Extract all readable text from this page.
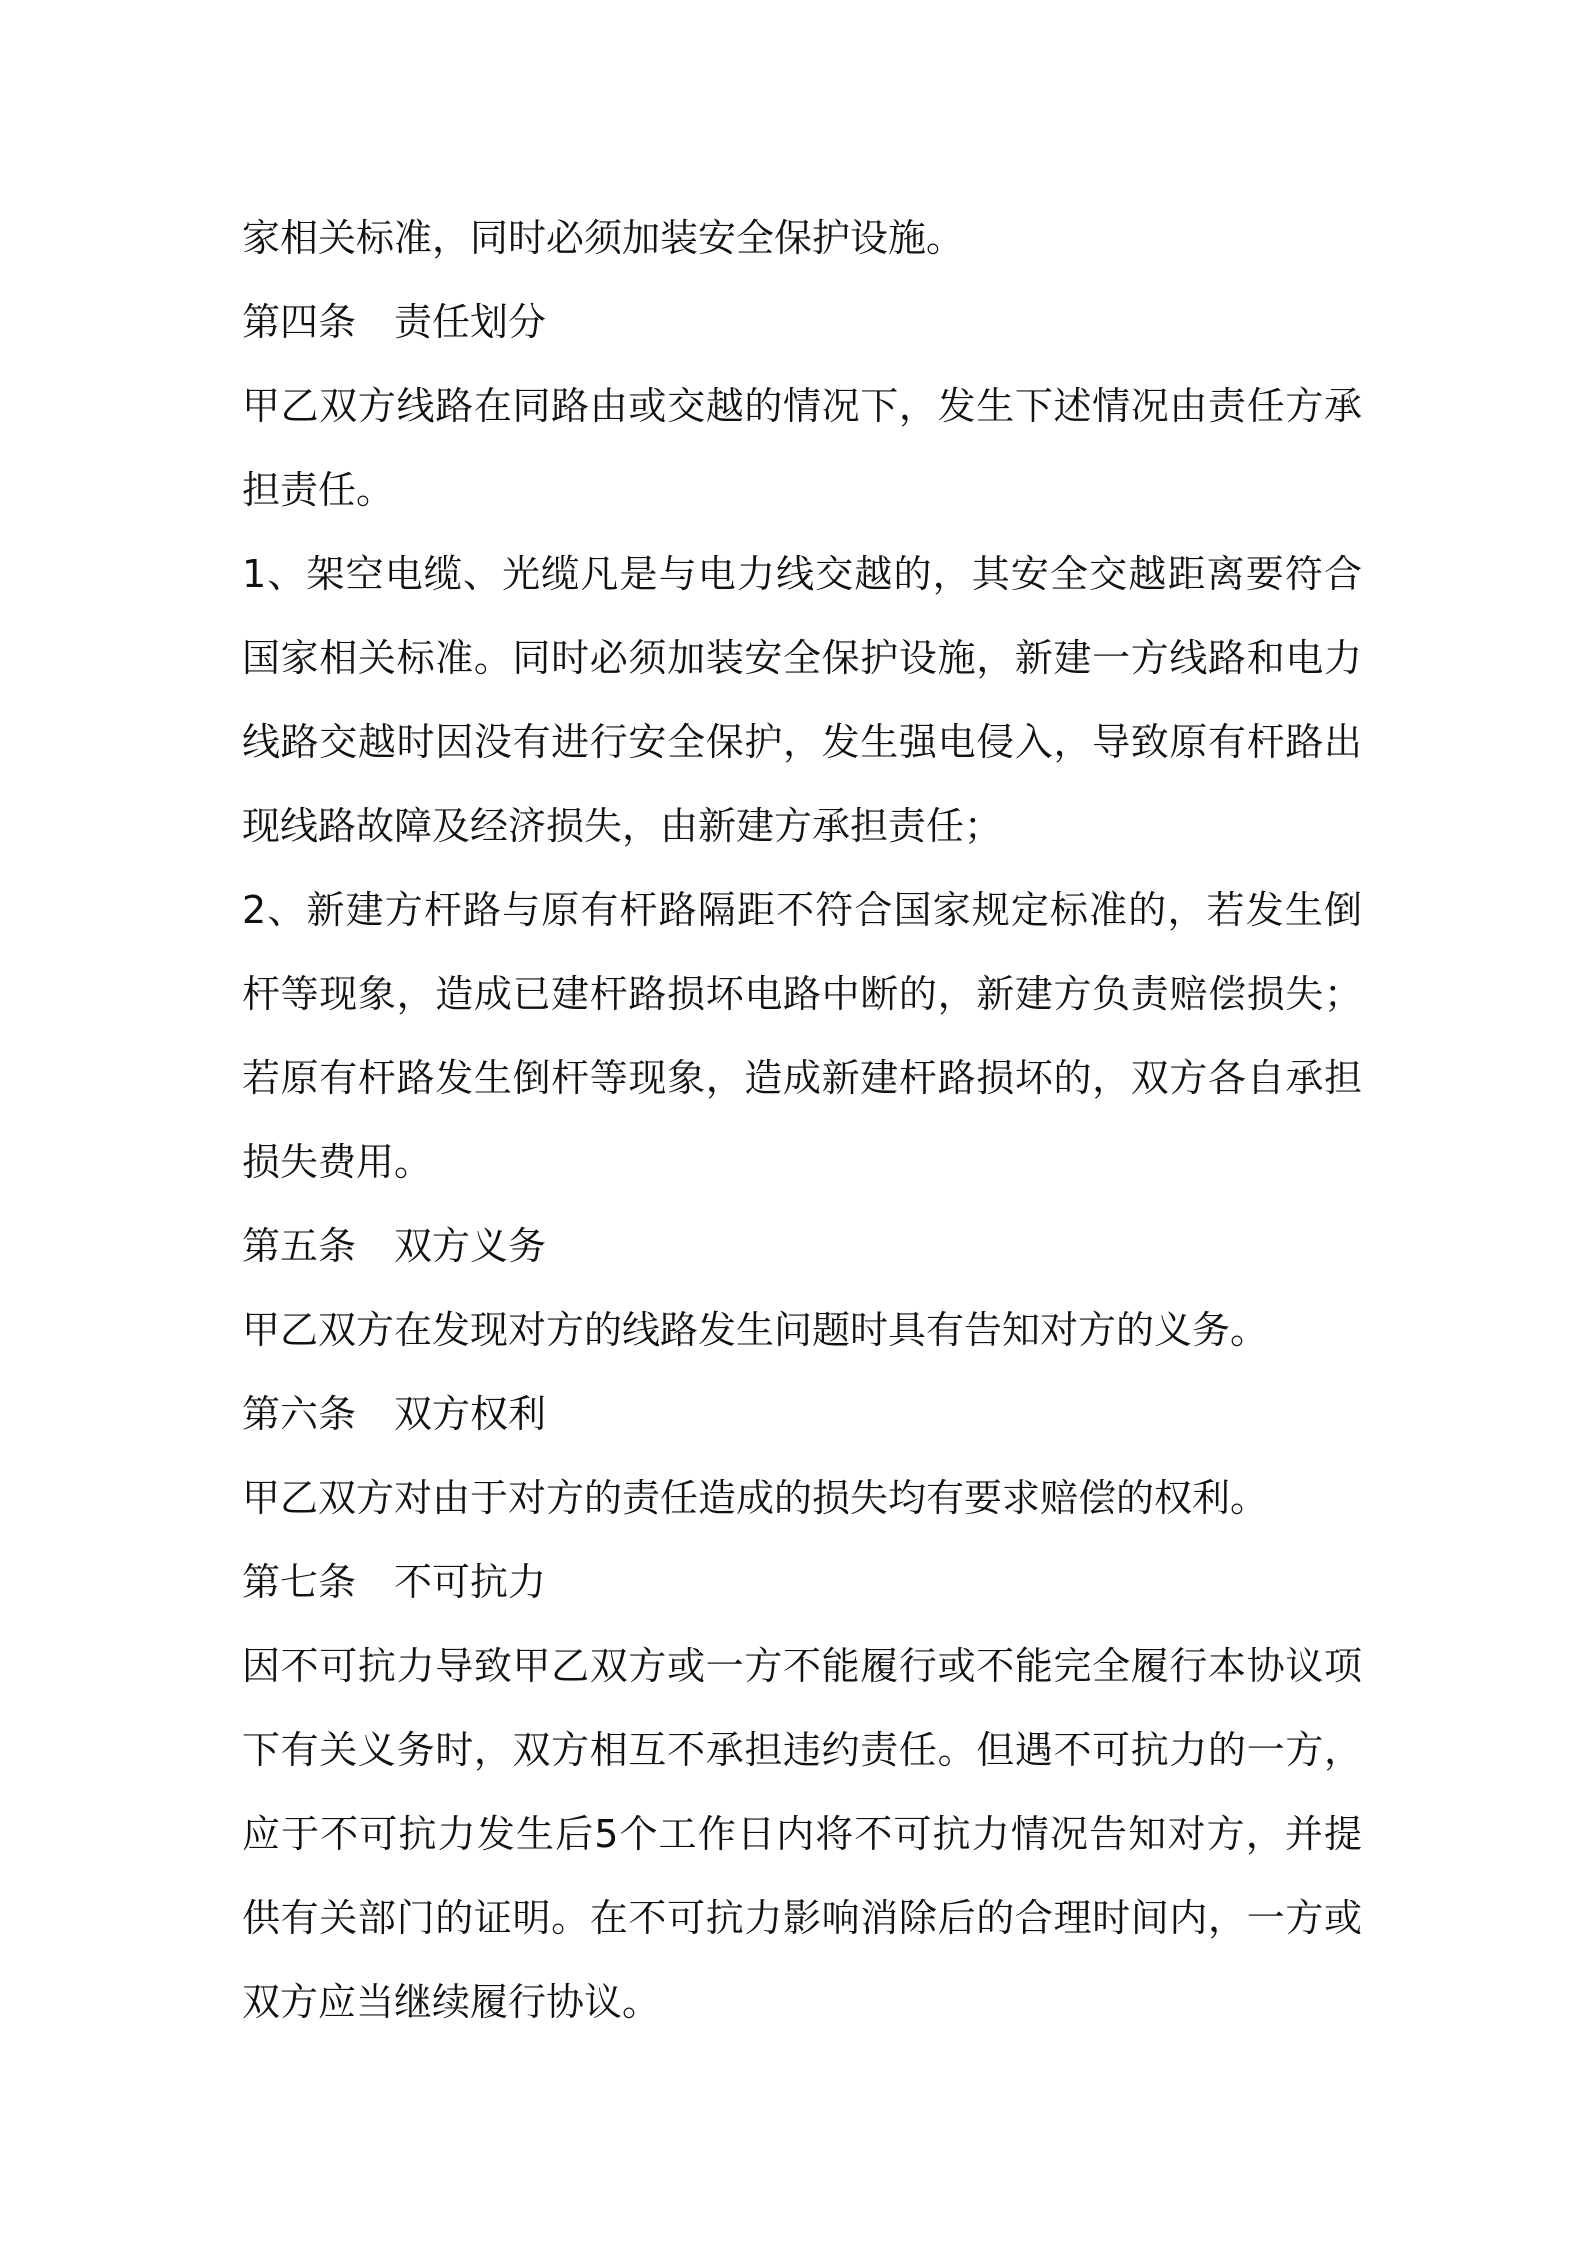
家相关标准，同时必须加装安全保护设施。

第四条 责任划分

甲乙双方线路在同路由或交越的情况下，发生下述情况由责任方承担责任。

1、架空电缆、光缆凡是与电力线交越的，其安全交越距离要符合国家相关标准。同时必须加装安全保护设施，新建一方线路和电力线路交越时因没有进行安全保护，发生强电侵入，导致原有杆路出现线路故障及经济损失，由新建方承担责任；

2、新建方杆路与原有杆路隔距不符合国家规定标准的，若发生倒杆等现象，造成已建杆路损坏电路中断的，新建方负责赔偿损失；若原有杆路发生倒杆等现象，造成新建杆路损坏的，双方各自承担损失费用。

第五条 双方义务

甲乙双方在发现对方的线路发生问题时具有告知对方的义务。

第六条 双方权利

甲乙双方对由于对方的责任造成的损失均有要求赔偿的权利。

第七条 不可抗力

因不可抗力导致甲乙双方或一方不能履行或不能完全履行本协议项下有关义务时，双方相互不承担违约责任。但遇不可抗力的一方，应于不可抗力发生后5个工作日内将不可抗力情况告知对方，并提供有关部门的证明。在不可抗力影响消除后的合理时间内，一方或双方应当继续履行协议。
